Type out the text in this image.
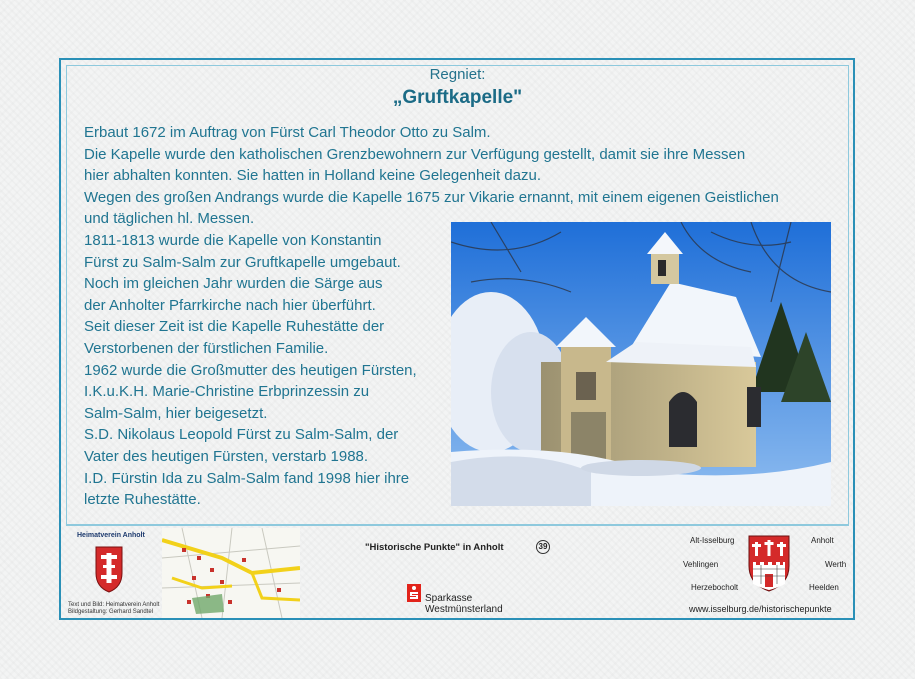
Regniet:
„Gruftkapelle"
Erbaut 1672 im Auftrag von Fürst Carl Theodor Otto zu Salm.
Die Kapelle wurde den katholischen Grenzbewohnern zur Verfügung gestellt, damit sie ihre Messen
hier abhalten konnten. Sie hatten in Holland keine Gelegenheit dazu.
Wegen des großen Andrangs wurde die Kapelle 1675 zur Vikarie ernannt, mit einem eigenen Geistlichen
und täglichen hl. Messen.
1811-1813 wurde die Kapelle von Konstantin
Fürst zu Salm-Salm zur Gruftkapelle umgebaut.
Noch im gleichen Jahr wurden die Särge aus
der Anholter Pfarrkirche nach hier überführt.
Seit dieser Zeit ist die Kapelle Ruhestätte der
Verstorbenen der fürstlichen Familie.
1962 wurde die Großmutter des heutigen Fürsten,
I.K.u.K.H. Marie-Christine Erbprinzessin zu
Salm-Salm, hier beigesetzt.
S.D. Nikolaus Leopold Fürst zu Salm-Salm, der
Vater des heutigen Fürsten, verstarb 1988.
I.D. Fürstin Ida zu Salm-Salm fand 1998 hier ihre
letzte Ruhestätte.
Heimatverein Anholt
Text und Bild: Heimatverein Anholt
Bildgestaltung: Gerhard Sandtel
"Historische Punkte" in Anholt	39
Sparkasse
Westmünsterland
Alt-Isselburg	Anholt
Vehlingen	Werth
Herzebocholt	Heelden
www.isselburg.de/historischepunkte
